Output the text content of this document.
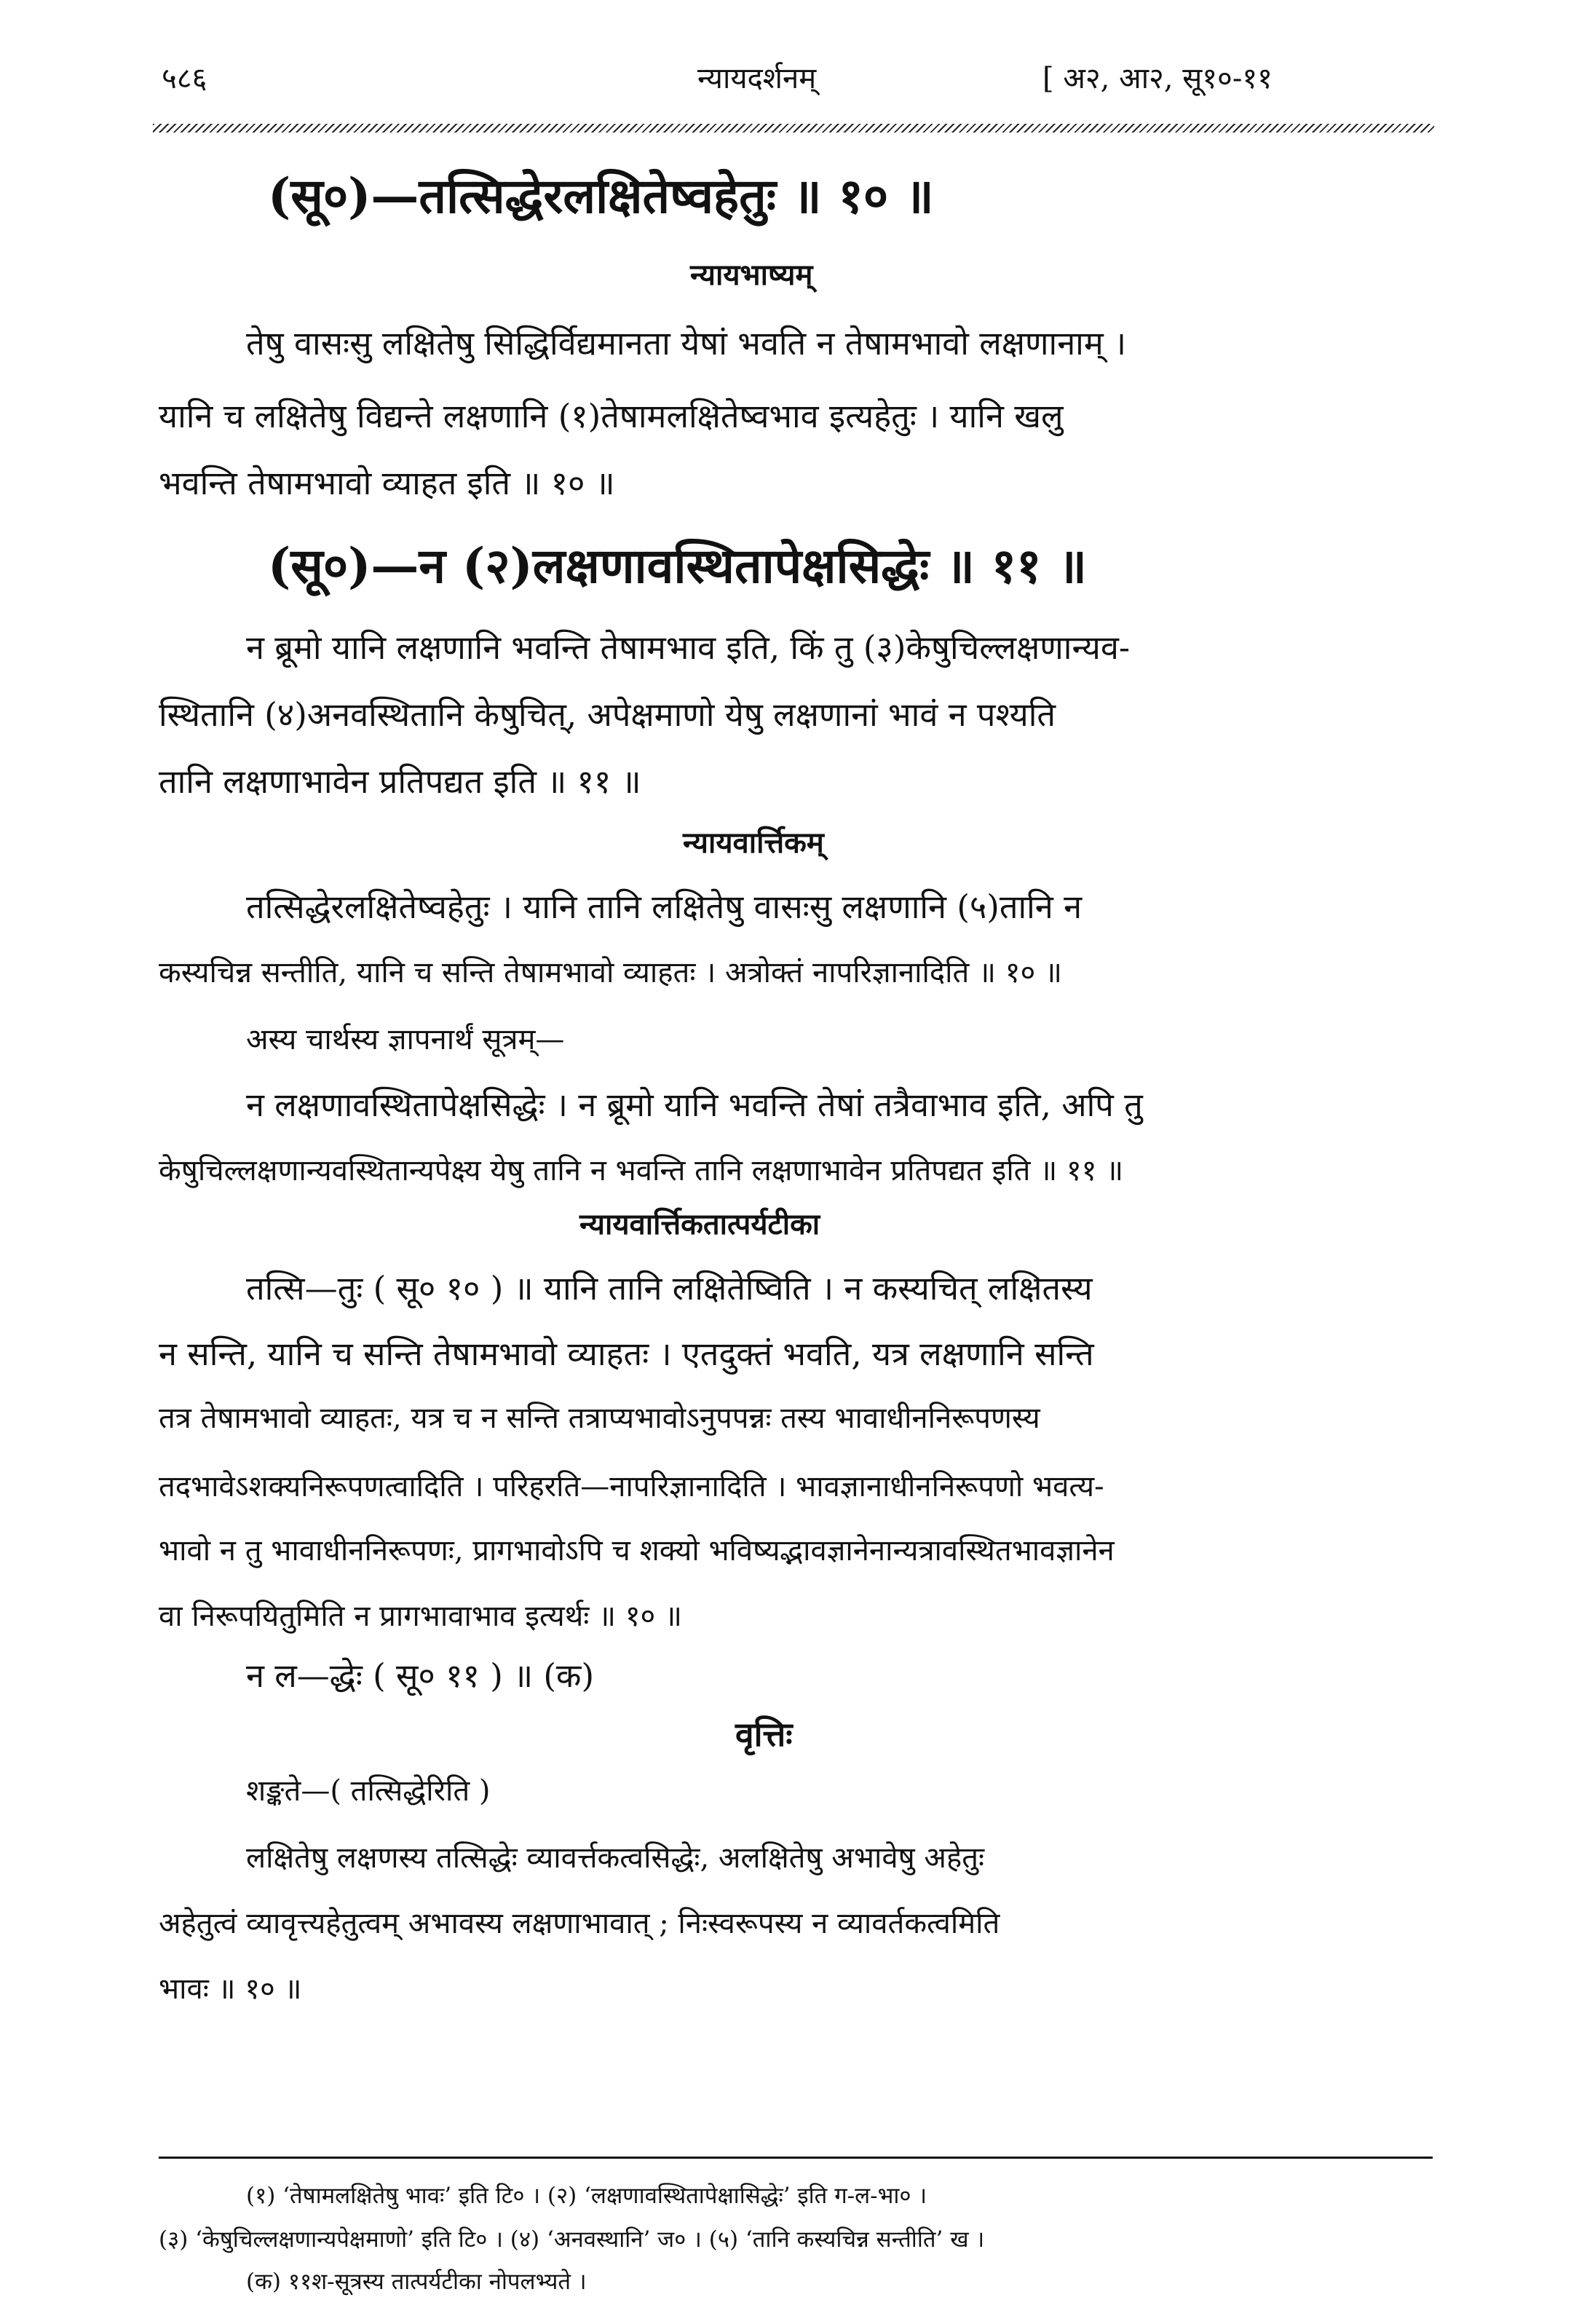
५८६	न्यायदर्शनम्	[ अ२, आ२, सू१०-११
(सू०)—तत्सिद्धेरलक्षितेष्वहेतुः ॥ १० ॥
न्यायभाष्यम्
तेषु वासःसु लक्षितेषु सिद्धिर्विद्यमानता येषां भवति न तेषामभावो लक्षणानाम् ।
यानि च लक्षितेषु विद्यन्ते लक्षणानि (१)तेषामलक्षितेष्वभाव इत्यहेतुः । यानि खलु
भवन्ति तेषामभावो व्याहत इति ॥ १० ॥
(सू०)—न (२)लक्षणावस्थितापेक्षसिद्धेः ॥ ११ ॥
न ब्रूमो यानि लक्षणानि भवन्ति तेषामभाव इति, किं तु (३)केषुचिल्लक्षणान्यव-
स्थितानि (४)अनवस्थितानि केषुचित्, अपेक्षमाणो येषु लक्षणानां भावं न पश्यति
तानि लक्षणाभावेन प्रतिपद्यत इति ॥ ११ ॥
न्यायवार्त्तिकम्
तत्सिद्धेरलक्षितेष्वहेतुः । यानि तानि लक्षितेषु वासःसु लक्षणानि (५)तानि न
कस्यचिन्न सन्तीति, यानि च सन्ति तेषामभावो व्याहतः । अत्रोक्तं नापरिज्ञानादिति ॥ १० ॥
अस्य चार्थस्य ज्ञापनार्थं सूत्रम्—
न लक्षणावस्थितापेक्षसिद्धेः । न ब्रूमो यानि भवन्ति तेषां तत्रैवाभाव इति, अपि तु
केषुचिल्लक्षणान्यवस्थितान्यपेक्ष्य येषु तानि न भवन्ति तानि लक्षणाभावेन प्रतिपद्यत इति ॥ ११ ॥
न्यायवार्त्तिकतात्पर्यटीका
तत्सि—तुः ( सू० १० ) ॥ यानि तानि लक्षितेष्विति । न कस्यचित् लक्षितस्य
न सन्ति, यानि च सन्ति तेषामभावो व्याहतः । एतदुक्तं भवति, यत्र लक्षणानि सन्ति
तत्र तेषामभावो व्याहतः, यत्र च न सन्ति तत्राप्यभावोऽनुपपन्नः तस्य भावाधीननिरूपणस्य
तदभावेऽशक्यनिरूपणत्वादिति । परिहरति—नापरिज्ञानादिति । भावज्ञानाधीननिरूपणो भवत्य-
भावो न तु भावाधीननिरूपणः, प्रागभावोऽपि च शक्यो भविष्यद्भावज्ञानेनान्यत्रावस्थितभावज्ञानेन
वा निरूपयितुमिति न प्रागभावाभाव इत्यर्थः ॥ १० ॥
न ल—द्धेः ( सू० ११ ) ॥ (क)
वृत्तिः
शङ्कते—( तत्सिद्धेरिति )
लक्षितेषु लक्षणस्य तत्सिद्धेः व्यावर्त्तकत्वसिद्धेः, अलक्षितेषु अभावेषु अहेतुः
अहेतुत्वं व्यावृत्त्यहेतुत्वम् अभावस्य लक्षणाभावात् ; निःस्वरूपस्य न व्यावर्तकत्वमिति
भावः ॥ १० ॥
(१) ‘तेषामलक्षितेषु भावः’ इति टि० । (२) ‘लक्षणावस्थितापेक्षासिद्धेः’ इति ग-ल-भा० ।
(३) ‘केषुचिल्लक्षणान्यपेक्षमाणो’ इति टि० । (४) ‘अनवस्थानि’ ज० । (५) ‘तानि कस्यचिन्न सन्तीति’ ख ।
(क) ११श-सूत्रस्य तात्पर्यटीका नोपलभ्यते ।
